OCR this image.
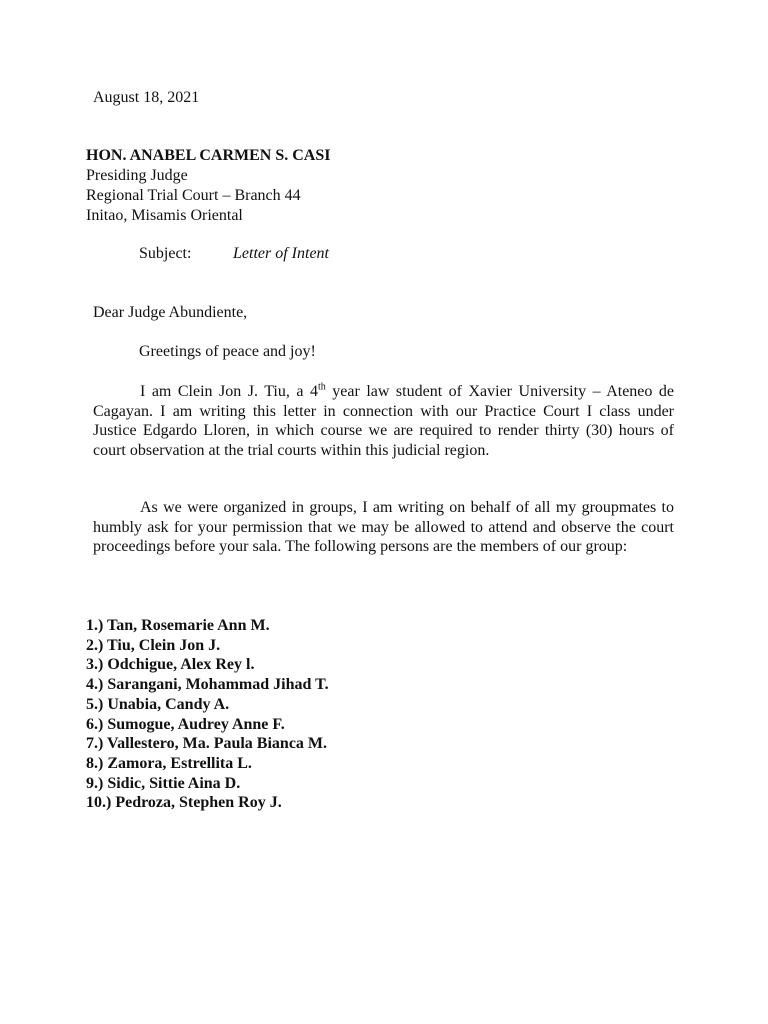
August 18, 2021
HON. ANABEL CARMEN S. CASI
Presiding Judge
Regional Trial Court – Branch 44
Initao, Misamis Oriental
Subject:	Letter of Intent
Dear Judge Abundiente,
Greetings of peace and joy!

I am Clein Jon J. Tiu, a 4th year law student of Xavier University – Ateneo de Cagayan. I am writing this letter in connection with our Practice Court I class under Justice Edgardo Lloren, in which course we are required to render thirty (30) hours of court observation at the trial courts within this judicial region.

As we were organized in groups, I am writing on behalf of all my groupmates to humbly ask for your permission that we may be allowed to attend and observe the court proceedings before your sala. The following persons are the members of our group:

1.) Tan, Rosemarie Ann M.
2.) Tiu, Clein Jon J.
3.) Odchigue, Alex Rey l.
4.) Sarangani, Mohammad Jihad T.
5.) Unabia, Candy A.
6.) Sumogue, Audrey Anne F.
7.) Vallestero, Ma. Paula Bianca M.
8.) Zamora, Estrellita L.
9.) Sidic, Sittie Aina D.
10.) Pedroza, Stephen Roy J.
